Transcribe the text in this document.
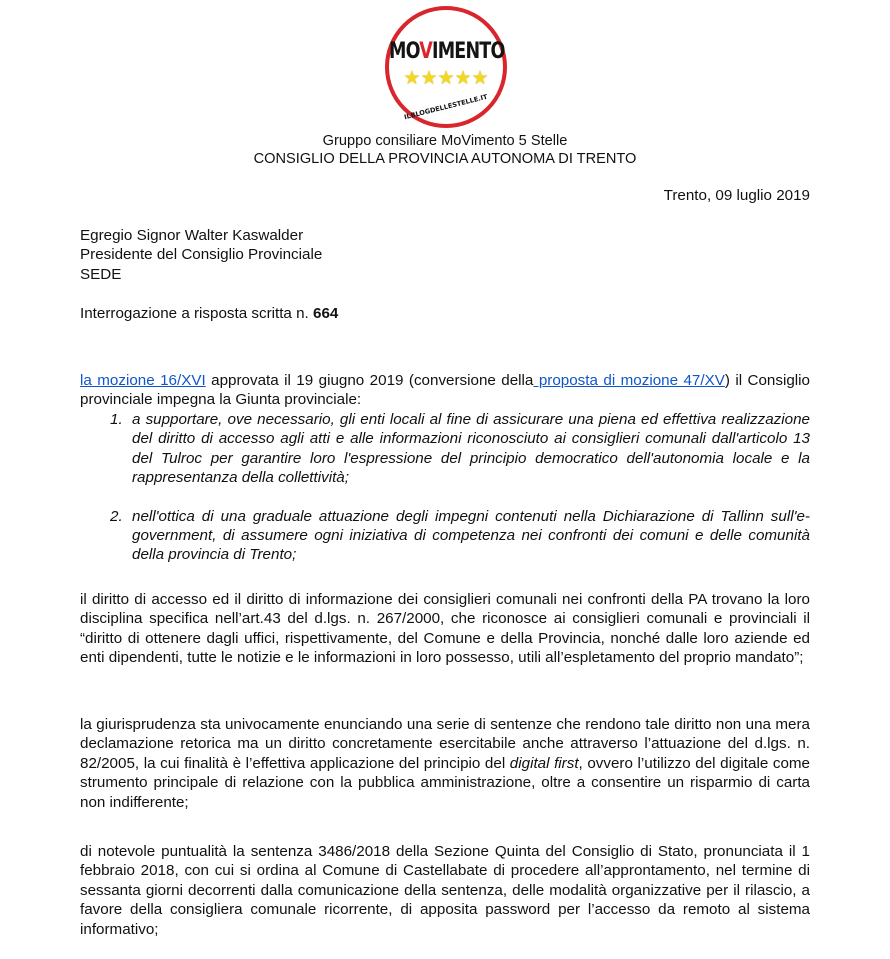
MOVIMENTO
★★★★★
ILBLOGDELLESTELLE.IT
Gruppo consiliare MoVimento 5 Stelle
CONSIGLIO DELLA PROVINCIA AUTONOMA DI TRENTO
Trento, 09 luglio 2019
Egregio Signor Walter Kaswalder
Presidente del Consiglio Provinciale
SEDE
Interrogazione a risposta scritta n. 664
la mozione 16/XVI approvata il 19 giugno 2019 (conversione della proposta di mozione 47/XV) il Consiglio provinciale impegna la Giunta provinciale:
1. a supportare, ove necessario, gli enti locali al fine di assicurare una piena ed effettiva realizzazione del diritto di accesso agli atti e alle informazioni riconosciuto ai consiglieri comunali dall'articolo 13 del Tulroc per garantire loro l'espressione del principio democratico dell'autonomia locale e la rappresentanza della collettività;
2. nell'ottica di una graduale attuazione degli impegni contenuti nella Dichiarazione di Tallinn sull'e-government, di assumere ogni iniziativa di competenza nei confronti dei comuni e delle comunità della provincia di Trento;
il diritto di accesso ed il diritto di informazione dei consiglieri comunali nei confronti della PA trovano la loro disciplina specifica nell’art.43 del d.lgs. n. 267/2000, che riconosce ai consiglieri comunali e provinciali il “diritto di ottenere dagli uffici, rispettivamente, del Comune e della Provincia, nonché dalle loro aziende ed enti dipendenti, tutte le notizie e le informazioni in loro possesso, utili all’espletamento del proprio mandato”;
la giurisprudenza sta univocamente enunciando una serie di sentenze che rendono tale diritto non una mera declamazione retorica ma un diritto concretamente esercitabile anche attraverso l’attuazione del d.lgs. n. 82/2005, la cui finalità è l’effettiva applicazione del principio del digital first, ovvero l’utilizzo del digitale come strumento principale di relazione con la pubblica amministrazione, oltre a consentire un risparmio di carta non indifferente;
di notevole puntualità la sentenza 3486/2018 della Sezione Quinta del Consiglio di Stato, pronunciata il 1 febbraio 2018, con cui si ordina al Comune di Castellabate di procedere all’approntamento, nel termine di sessanta giorni decorrenti dalla comunicazione della sentenza, delle modalità organizzative per il rilascio, a favore della consigliera comunale ricorrente, di apposita password per l’accesso da remoto al sistema informativo;
